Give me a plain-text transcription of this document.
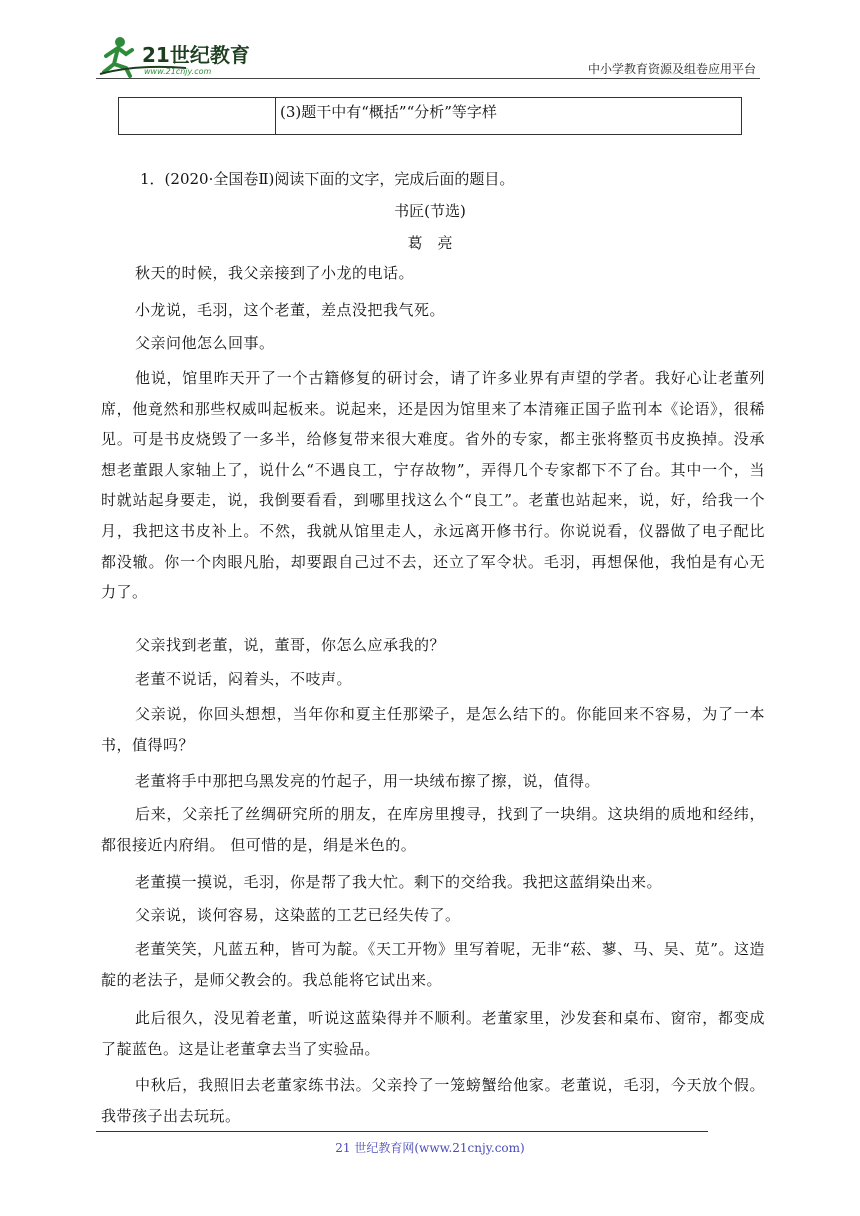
21世纪教育
www.21cnjy.com	中小学教育资源及组卷应用平台
	(3)题干中有“概括”“分析”等字样
1．(2020·全国卷Ⅱ)阅读下面的文字，完成后面的题目。
书匠(节选)
葛　亮
秋天的时候，我父亲接到了小龙的电话。
小龙说，毛羽，这个老董，差点没把我气死。
父亲问他怎么回事。
他说，馆里昨天开了一个古籍修复的研讨会，请了许多业界有声望的学者。我好心让老董列席，他竟然和那些权威叫起板来。说起来，还是因为馆里来了本清雍正国子监刊本《论语》，很稀见。可是书皮烧毁了一多半，给修复带来很大难度。省外的专家，都主张将整页书皮换掉。没承想老董跟人家轴上了，说什么“不遇良工，宁存故物”，弄得几个专家都下不了台。其中一个，当时就站起身要走，说，我倒要看看，到哪里找这么个“良工”。老董也站起来，说，好，给我一个月，我把这书皮补上。不然，我就从馆里走人，永远离开修书行。你说说看，仪器做了电子配比都没辙。你一个肉眼凡胎，却要跟自己过不去，还立了军令状。毛羽，再想保他，我怕是有心无力了。
父亲找到老董，说，董哥，你怎么应承我的？
老董不说话，闷着头，不吱声。
父亲说，你回头想想，当年你和夏主任那梁子，是怎么结下的。你能回来不容易，为了一本书，值得吗？
老董将手中那把乌黑发亮的竹起子，用一块绒布擦了擦，说，值得。
后来，父亲托了丝绸研究所的朋友，在库房里搜寻，找到了一块绢。这块绢的质地和经纬，都很接近内府绢。 但可惜的是，绢是米色的。
老董摸一摸说，毛羽，你是帮了我大忙。剩下的交给我。我把这蓝绢染出来。
父亲说，谈何容易，这染蓝的工艺已经失传了。
老董笑笑，凡蓝五种，皆可为靛。《天工开物》里写着呢，无非“菘、蓼、马、吴、苋”。这造靛的老法子，是师父教会的。我总能将它试出来。
此后很久，没见着老董，听说这蓝染得并不顺利。老董家里，沙发套和桌布、窗帘，都变成了靛蓝色。这是让老董拿去当了实验品。
中秋后，我照旧去老董家练书法。父亲拎了一笼螃蟹给他家。老董说，毛羽，今天放个假。我带孩子出去玩玩。
21 世纪教育网(www.21cnjy.com)
